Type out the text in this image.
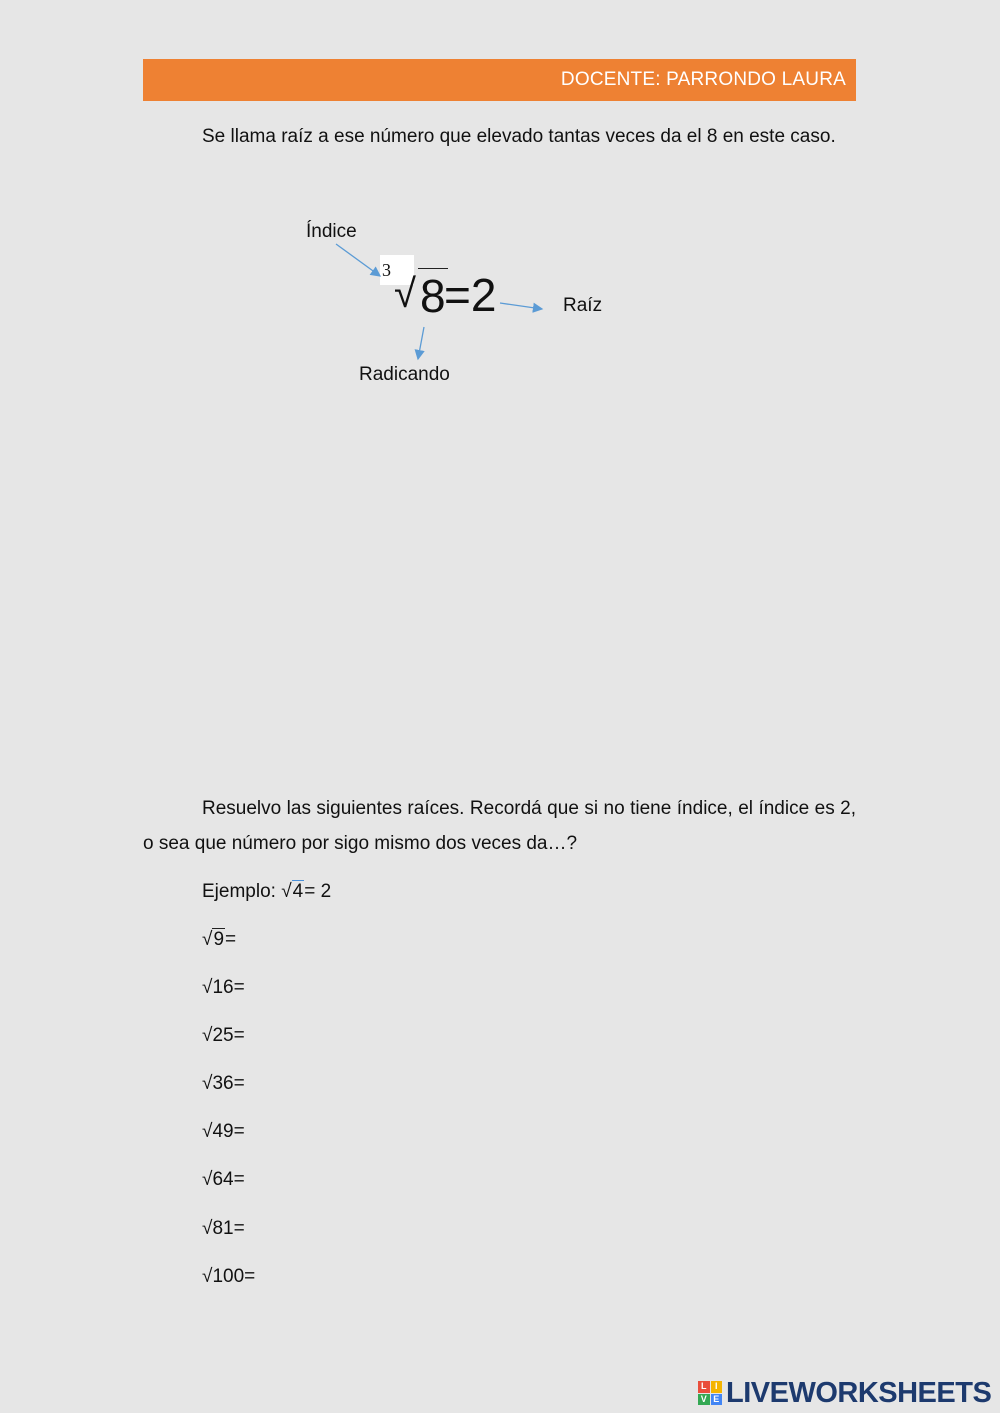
DOCENTE: PARRONDO LAURA

Se llama raíz a ese número que elevado tantas veces da el 8 en este caso.

Índice
3
√ 8
=2	Raíz
Radicando

Resuelvo las siguientes raíces. Recordá que si no tiene índice, el índice es 2, o sea que número por sigo mismo dos veces da…?

Ejemplo: √4= 2
√9=
√16=
√25=
√36=
√49=
√64=
√81=
√100=
L I
V E LIVEWORKSHEETS
